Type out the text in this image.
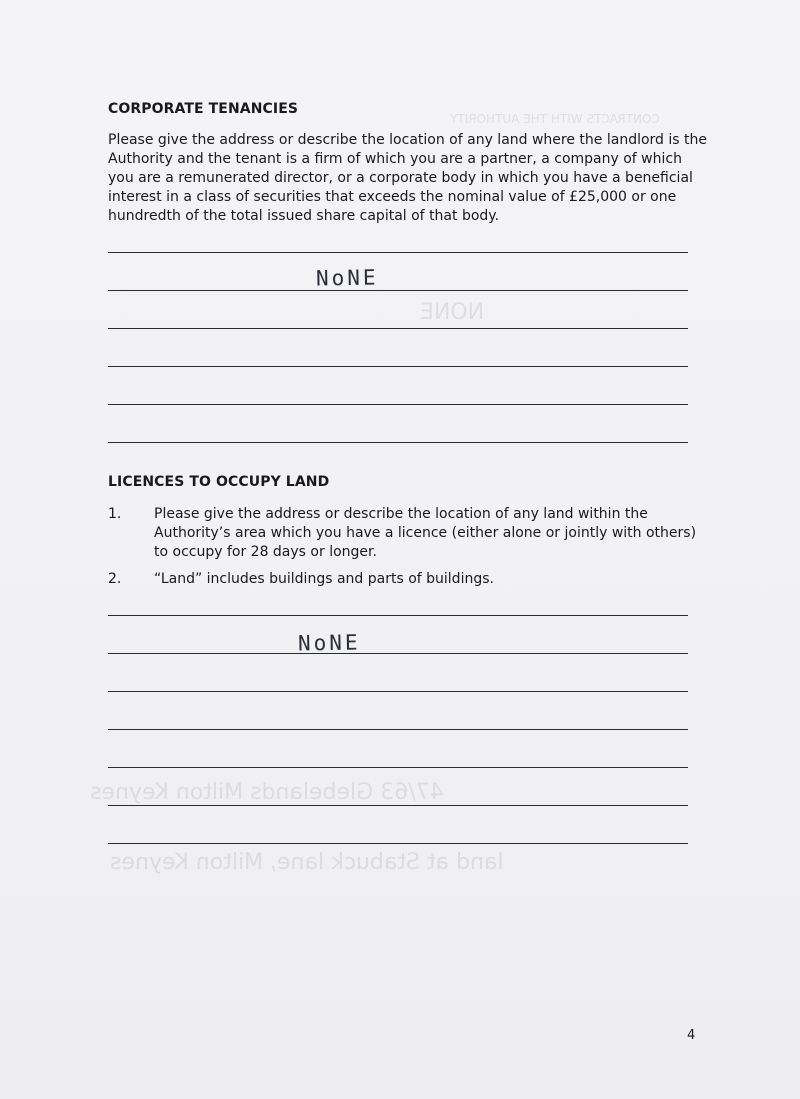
CONTRACTS WITH THE AUTHORITY
NONE
47/63 Glebelands Milton Keynes
land at Stabuck lane, Milton Keynes
CORPORATE TENANCIES
Please give the address or describe the location of any land where the landlord is the Authority and the tenant is a firm of which you are a partner, a company of which you are a remunerated director, or a corporate body in which you have a beneficial interest in a class of securities that exceeds the nominal value of £25,000 or one hundredth of the total issued share capital of that body.
NoNE
LICENCES TO OCCUPY LAND
1. Please give the address or describe the location of any land within the Authority’s area which you have a licence (either alone or jointly with others) to occupy for 28 days or longer.
2. “Land” includes buildings and parts of buildings.
NoNE
4
